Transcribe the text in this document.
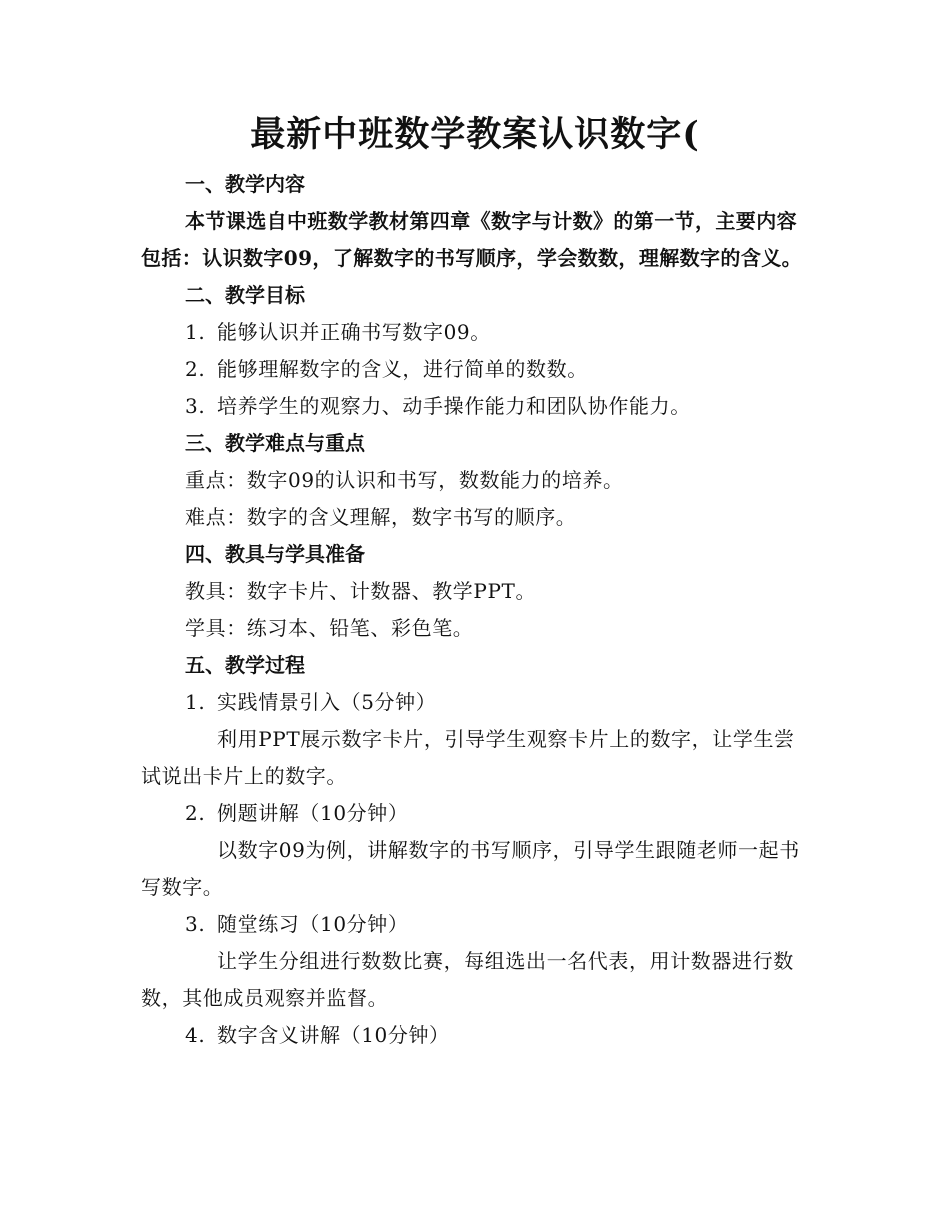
最新中班数学教案认识数字(

一、教学内容

本节课选自中班数学教材第四章《数字与计数》的第一节，主要内容包括：认识数字09，了解数字的书写顺序，学会数数，理解数字的含义。

二、教学目标

1. 能够认识并正确书写数字09。

2. 能够理解数字的含义，进行简单的数数。

3. 培养学生的观察力、动手操作能力和团队协作能力。

三、教学难点与重点

重点：数字09的认识和书写，数数能力的培养。

难点：数字的含义理解，数字书写的顺序。

四、教具与学具准备

教具：数字卡片、计数器、教学PPT。

学具：练习本、铅笔、彩色笔。

五、教学过程

1. 实践情景引入（5分钟）

利用PPT展示数字卡片，引导学生观察卡片上的数字，让学生尝试说出卡片上的数字。

2. 例题讲解（10分钟）

以数字09为例，讲解数字的书写顺序，引导学生跟随老师一起书写数字。

3. 随堂练习（10分钟）

让学生分组进行数数比赛，每组选出一名代表，用计数器进行数数，其他成员观察并监督。

4. 数字含义讲解（10分钟）
